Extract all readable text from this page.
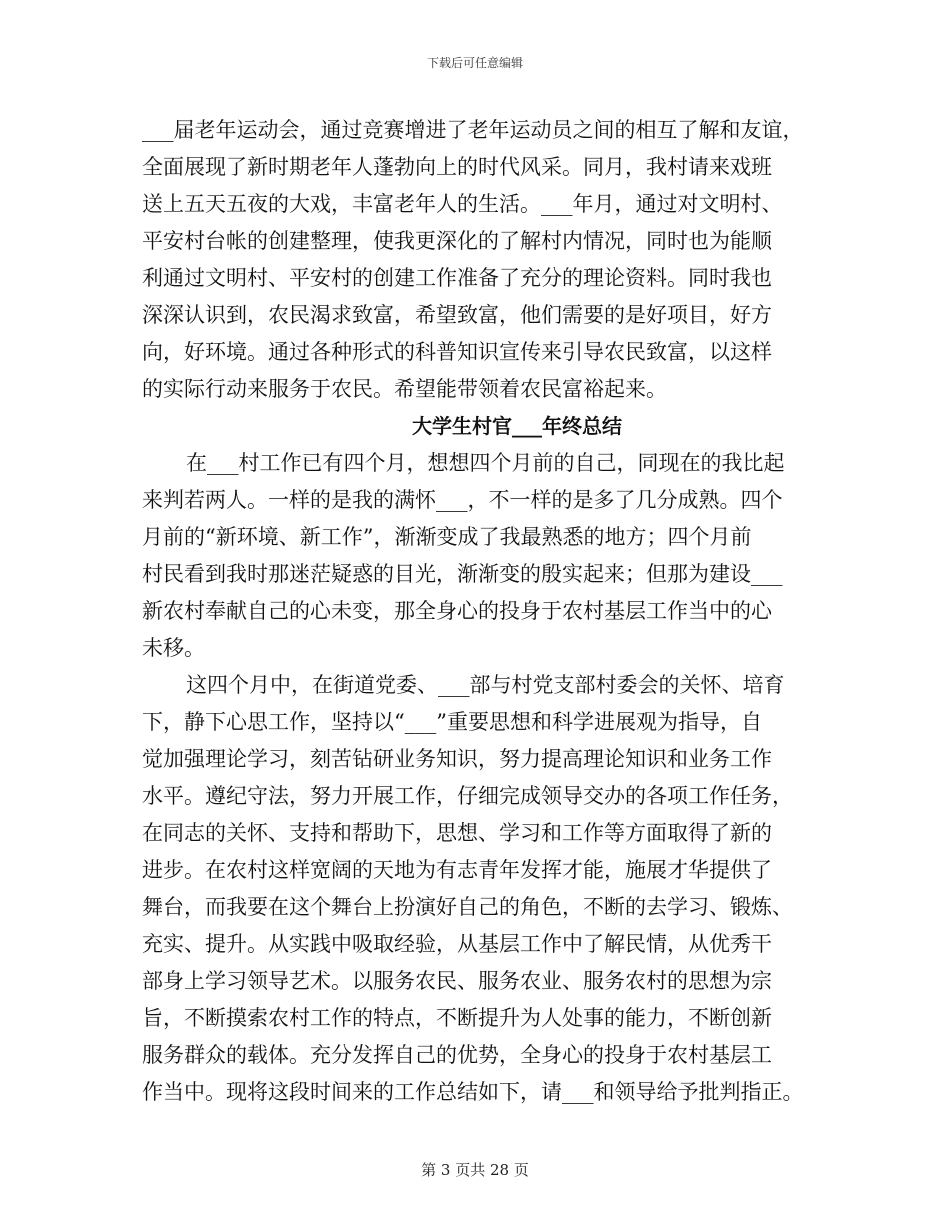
下载后可任意编辑
___届老年运动会，通过竞赛增进了老年运动员之间的相互了解和友谊，
全面展现了新时期老年人蓬勃向上的时代风采。同月，我村请来戏班
送上五天五夜的大戏，丰富老年人的生活。___年月，通过对文明村、
平安村台帐的创建整理，使我更深化的了解村内情况，同时也为能顺
利通过文明村、平安村的创建工作准备了充分的理论资料。同时我也
深深认识到，农民渴求致富，希望致富，他们需要的是好项目，好方
向，好环境。通过各种形式的科普知识宣传来引导农民致富，以这样
的实际行动来服务于农民。希望能带领着农民富裕起来。
大学生村官___年终总结
在___村工作已有四个月，想想四个月前的自己，同现在的我比起
来判若两人。一样的是我的满怀___，不一样的是多了几分成熟。四个
月前的“新环境、新工作”，渐渐变成了我最熟悉的地方；四个月前
村民看到我时那迷茫疑惑的目光，渐渐变的殷实起来；但那为建设___
新农村奉献自己的心未变，那全身心的投身于农村基层工作当中的心
未移。
这四个月中，在街道党委、___部与村党支部村委会的关怀、培育
下，静下心思工作，坚持以“___”重要思想和科学进展观为指导，自
觉加强理论学习，刻苦钻研业务知识，努力提高理论知识和业务工作
水平。遵纪守法，努力开展工作，仔细完成领导交办的各项工作任务，
在同志的关怀、支持和帮助下，思想、学习和工作等方面取得了新的
进步。在农村这样宽阔的天地为有志青年发挥才能，施展才华提供了
舞台，而我要在这个舞台上扮演好自己的角色，不断的去学习、锻炼、
充实、提升。从实践中吸取经验，从基层工作中了解民情，从优秀干
部身上学习领导艺术。以服务农民、服务农业、服务农村的思想为宗
旨，不断摸索农村工作的特点，不断提升为人处事的能力，不断创新
服务群众的载体。充分发挥自己的优势，全身心的投身于农村基层工
作当中。现将这段时间来的工作总结如下，请___和领导给予批判指正。
第 3 页共 28 页
